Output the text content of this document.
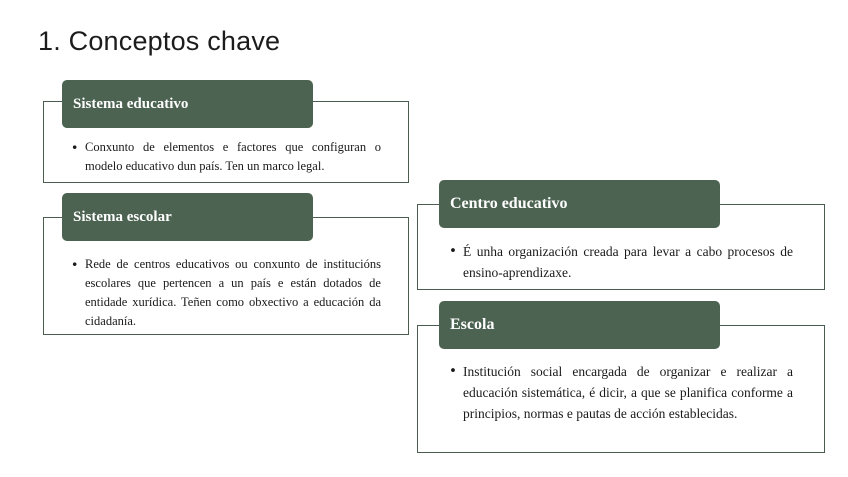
1. Conceptos chave
Sistema educativo

• Conxunto de elementos e factores que configuran o modelo educativo dun país. Ten un marco legal.

Sistema escolar

• Rede de centros educativos ou conxunto de institucións escolares que pertencen a un país e están dotados de entidade xurídica. Teñen como obxectivo a educación da cidadanía.

Centro educativo

• É unha organización creada para levar a cabo procesos de ensino-aprendizaxe.

Escola

• Institución social encargada de organizar e realizar a educación sistemática, é dicir, a que se planifica conforme a principios, normas e pautas de acción establecidas.
